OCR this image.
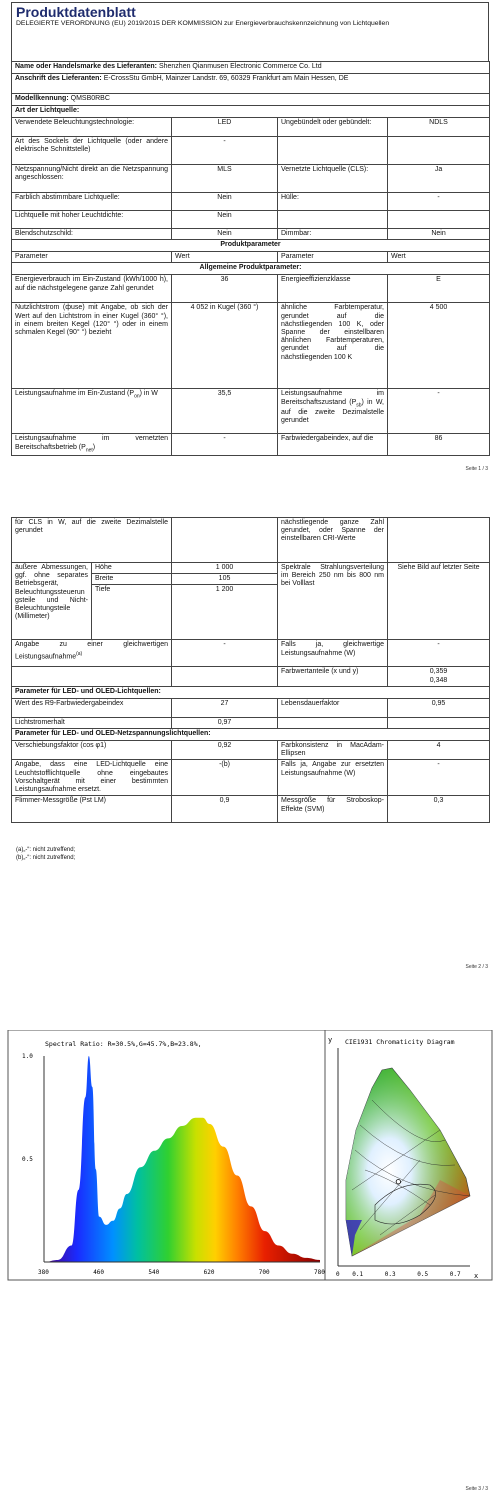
Produktdatenblatt
DELEGIERTE VERORDNUNG (EU) 2019/2015 DER KOMMISSION zur Energieverbrauchskennzeichnung von Lichtquellen
Name oder Handelsmarke des Lieferanten: Shenzhen Qianmusen Electronic Commerce Co. Ltd			
Anschrift des Lieferanten: E-CrossStu GmbH, Mainzer Landstr. 69, 60329 Frankfurt am Main Hessen, DE			
Modellkennung: QMSB0RBC			
Art der Lichtquelle:			
Verwendete Beleuchtungstechnologie:	LED	Ungebündelt oder gebündelt:	NDLS
Art des Sockels der Lichtquelle (oder andere elektrische Schnittstelle)	-		
Netzspannung/Nicht direkt an die Netzspannung angeschlossen:	MLS	Vernetzte Lichtquelle (CLS):	Ja
Farblich abstimmbare Lichtquelle:	Nein	Hülle:	-
Lichtquelle mit hoher Leuchtdichte:	Nein		
Blendschutzschild:	Nein	Dimmbar:	Nein
Produktparameter			
Parameter	Wert	Parameter	Wert
Allgemeine Produktparameter:			
Energieverbrauch im Ein-Zustand (kWh/1000 h), auf die nächstgelegene ganze Zahl gerundet	36	Energieeffizienzklasse	E
Nutzlichtstrom (фuse) mit Angabe, ob sich der Wert auf den Lichtstrom in einer Kugel (360° °), in einem breiten Kegel (120° °) oder in einem schmalen Kegel (90° °) bezieht	4 052 in Kugel (360 °)	ähnliche Farbtemperatur, gerundet auf die nächstliegenden 100 K, oder Spanne der einstellbaren ähnlichen Farbtemperaturen, gerundet auf die nächstliegenden 100 K	4 500
Leistungsaufnahme im Ein-Zustand $(P_{on})$ in W	35,5	Leistungsaufnahme im Bereitschaftszustand $(P_{sb})$ in W, auf die zweite Dezimalstelle gerundet	-
Leistungsaufnahme im vernetzten Bereitschaftsbetrieb $(P_{net})$	-	Farbwiedergabeindex, auf die	86
Seite 1 / 3
für CLS in W, auf die zweite Dezimalstelle gerundet			nächstliegende ganze Zahl gerundet, oder Spanne der einstellbaren CRI-Werte	
äußere Abmessungen, ggf. ohne separates Betriebsgerät, Beleuchtungssteuerungsteile und Nicht-Beleuchtungsteile (Millimeter)	Höhe	1 000	Spektrale Strahlungsverteilung im Bereich 250 nm bis 800 nm bei Volllast	Siehe Bild auf letzter Seite
	Breite	105		
	Tiefe	1 200		
Angabe zu einer gleichwertigen Leistungsaufnahme$^{(a)}$		-	Falls ja, gleichwertige Leistungsaufnahme (W)	-
			Farbwertanteile (x und y)	0,359
0,348

Parameter für LED- und OLED-Lichtquellen:				
Wert des R9-Farbwiedergabeindex		27	Lebensdauerfaktor	0,95
Lichtstromerhalt		0,97		
Parameter für LED- und OLED-Netzspannungslichtquellen:				
Verschiebungsfaktor (cos φ1)		0,92	Farbkonsistenz in MacAdam-Ellipsen	4
Angabe, dass eine LED-Lichtquelle eine Leuchtstofflichtquelle ohne eingebautes Vorschaltgerät mit einer bestimmten Leistungsaufnahme ersetzt.		-(b)	Falls ja, Angabe zur ersetzten Leistungsaufnahme (W)	-
Flimmer-Messgröße (Pst LM)		0,9	Messgröße für Stroboskop-Effekte (SVM)	0,3
(a)„-“: nicht zutreffend;
(b)„-“: nicht zutreffend;
Seite 2 / 3
Spectral Ratio: R=30.5%,G=45.7%,B=23.8%,
380	460	540	620	700	780
1.0
0.5
CIE1931 Chromaticity Diagram
y
x
0 0.1	0.3	0.5	0.7
Seite 3 / 3
